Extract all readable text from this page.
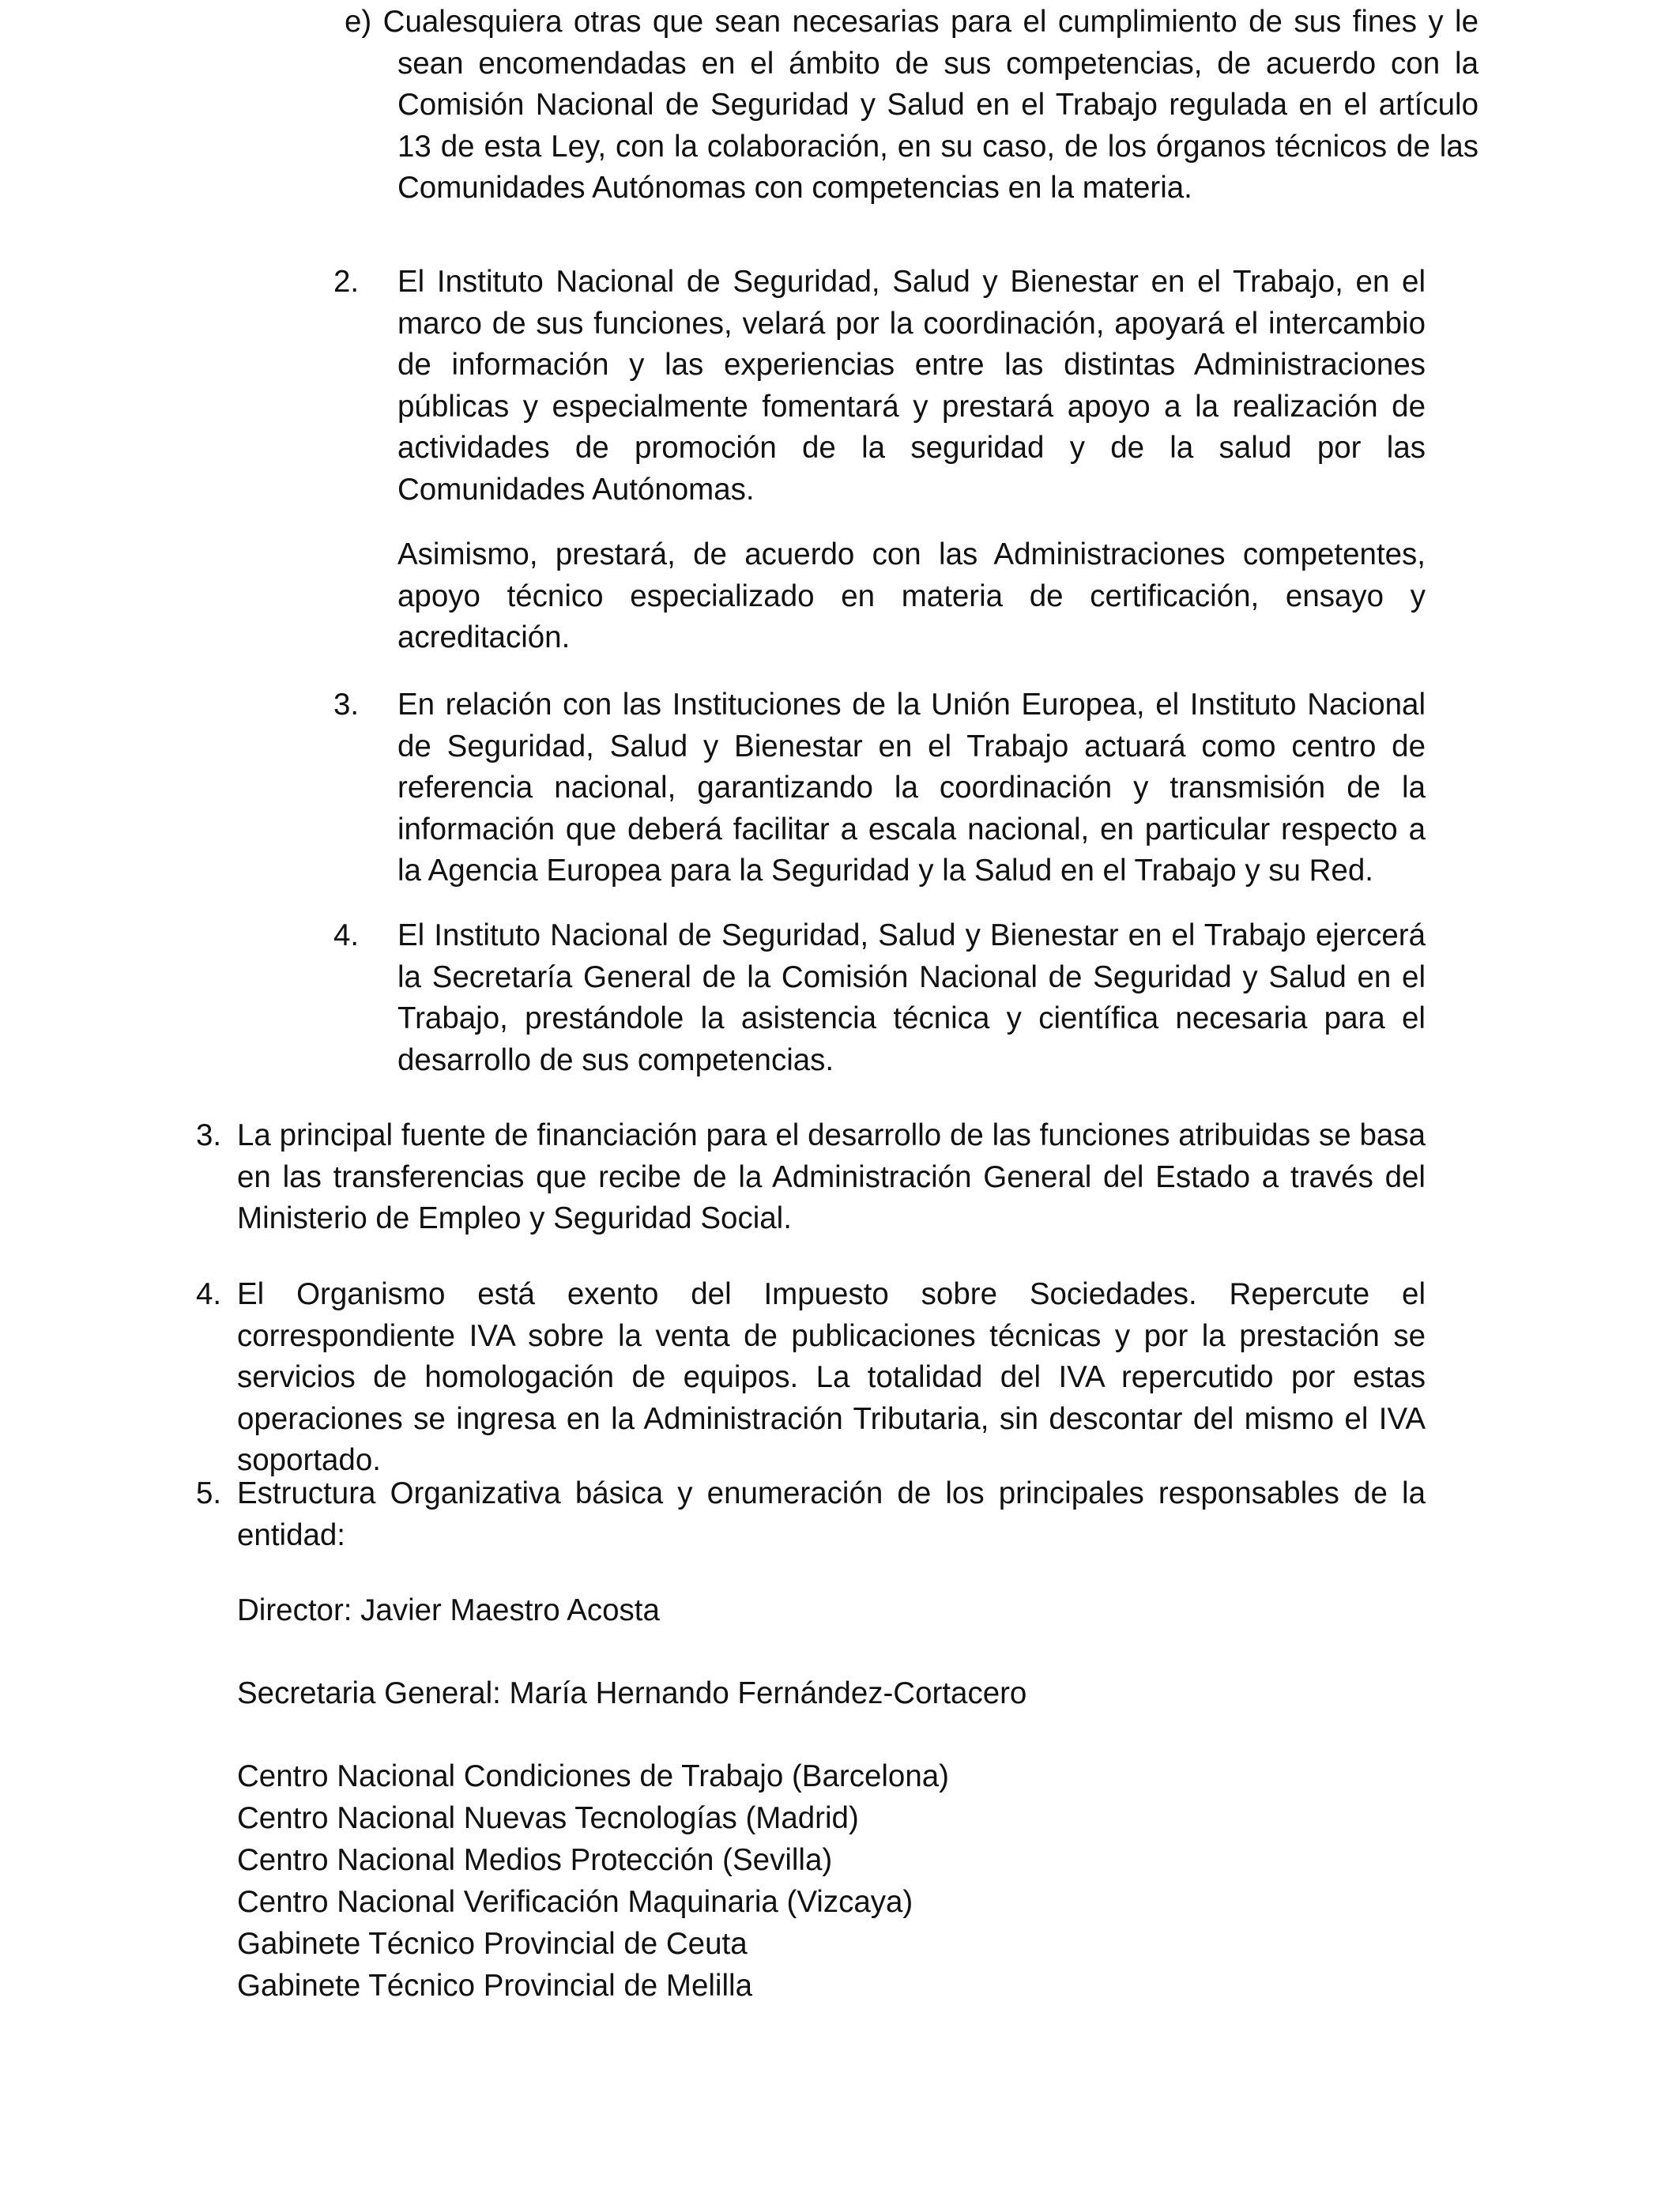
e) Cualesquiera otras que sean necesarias para el cumplimiento de sus fines y le sean encomendadas en el ámbito de sus competencias, de acuerdo con la Comisión Nacional de Seguridad y Salud en el Trabajo regulada en el artículo 13 de esta Ley, con la colaboración, en su caso, de los órganos técnicos de las Comunidades Autónomas con competencias en la materia.

2. El Instituto Nacional de Seguridad, Salud y Bienestar en el Trabajo, en el marco de sus funciones, velará por la coordinación, apoyará el intercambio de información y las experiencias entre las distintas Administraciones públicas y especialmente fomentará y prestará apoyo a la realización de actividades de promoción de la seguridad y de la salud por las Comunidades Autónomas.

Asimismo, prestará, de acuerdo con las Administraciones competentes, apoyo técnico especializado en materia de certificación, ensayo y acreditación.

3. En relación con las Instituciones de la Unión Europea, el Instituto Nacional de Seguridad, Salud y Bienestar en el Trabajo actuará como centro de referencia nacional, garantizando la coordinación y transmisión de la información que deberá facilitar a escala nacional, en particular respecto a la Agencia Europea para la Seguridad y la Salud en el Trabajo y su Red.

4. El Instituto Nacional de Seguridad, Salud y Bienestar en el Trabajo ejercerá la Secretaría General de la Comisión Nacional de Seguridad y Salud en el Trabajo, prestándole la asistencia técnica y científica necesaria para el desarrollo de sus competencias.

3. La principal fuente de financiación para el desarrollo de las funciones atribuidas se basa en las transferencias que recibe de la Administración General del Estado a través del Ministerio de Empleo y Seguridad Social.

4. El Organismo está exento del Impuesto sobre Sociedades. Repercute el correspondiente IVA sobre la venta de publicaciones técnicas y por la prestación se servicios de homologación de equipos. La totalidad del IVA repercutido por estas operaciones se ingresa en la Administración Tributaria, sin descontar del mismo el IVA soportado.

5. Estructura Organizativa básica y enumeración de los principales responsables de la entidad:

Director: Javier Maestro Acosta
Secretaria General: María Hernando Fernández-Cortacero
Centro Nacional Condiciones de Trabajo (Barcelona)
Centro Nacional Nuevas Tecnologías (Madrid)
Centro Nacional Medios Protección (Sevilla)
Centro Nacional Verificación Maquinaria (Vizcaya)
Gabinete Técnico Provincial de Ceuta
Gabinete Técnico Provincial de Melilla
